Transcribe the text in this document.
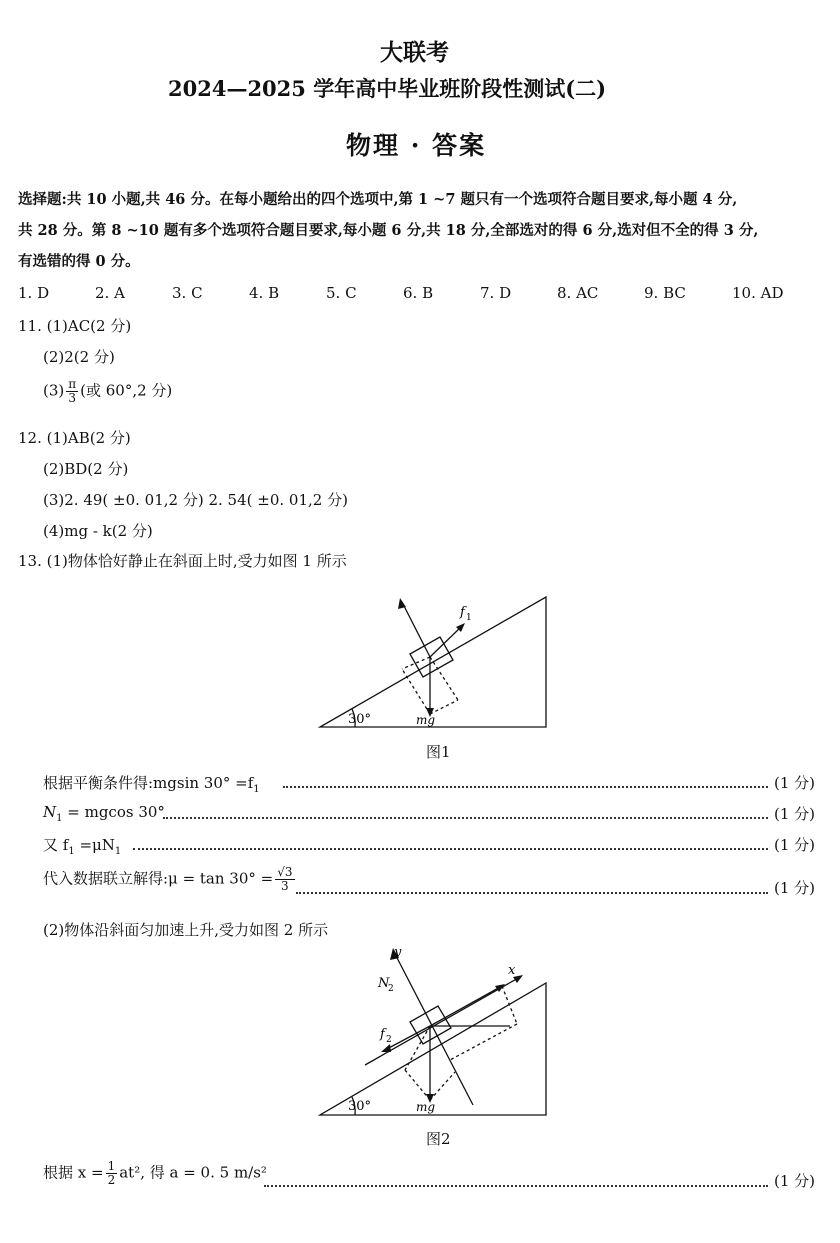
大联考
2024—2025 学年高中毕业班阶段性测试(二)
物理 · 答案
选择题:共 10 小题,共 46 分。在每小题给出的四个选项中,第 1 ~7 题只有一个选项符合题目要求,每小题 4 分,
共 28 分。第 8 ~10 题有多个选项符合题目要求,每小题 6 分,共 18 分,全部选对的得 6 分,选对但不全的得 3 分,
有选错的得 0 分。
1. D	2. A	3. C	4. B	5. C	6. B	7. D	8. AC	9. BC	10. AD
11. (1)AC(2 分)
(2)2(2 分)
$(3) \frac{\pi}{3}$ (或 60°,2 分)
12. (1)AB(2 分)
(2)BD(2 分)
(3)2. 49( ±0. 01,2 分) 2. 54( ±0. 01,2 分)
(4)mg - k(2 分)
13. (1)物体恰好静止在斜面上时,受力如图 1 所示
30°	mg
f 1
图1
根据平衡条件得:mgsin $30^\circ =f_1$	(1 分)
$N_1 = mgcos$ 30°	(1 分)
又 $f_1 =\mu N_1$	(1 分)
代入数据联立解得:μ = $\tan 30^\circ = \frac{√3}{3}$	(1 分)
(2)物体沿斜面匀加速上升,受力如图 2 所示
30°	mg
x
y
N
2
f 2
图2
根据 $x = \frac{1}{2} at^2$, 得 a = 0. 5 m/s²	(1 分)
